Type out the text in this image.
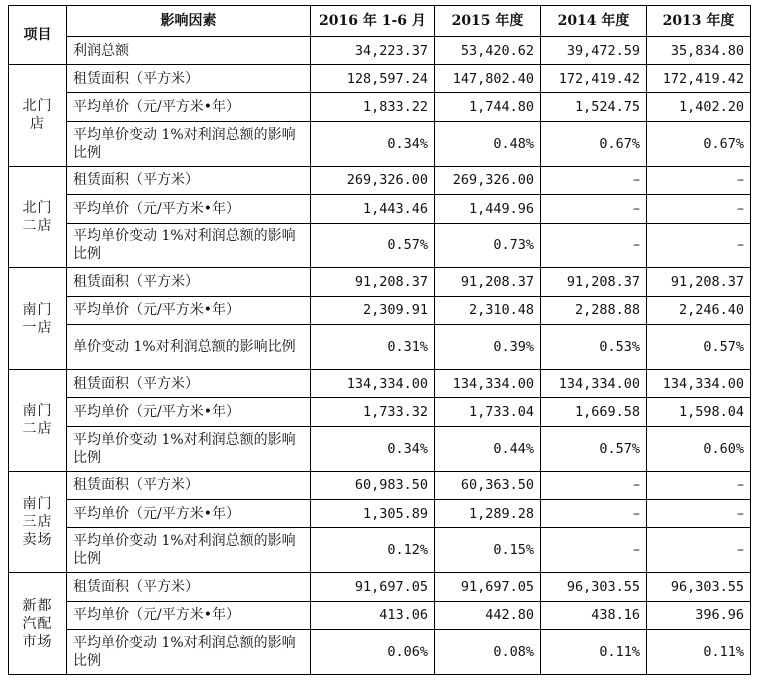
项目	影响因素	2016 年 1-6 月	2015 年度	2014 年度	2013 年度
	利润总额	34,223.37	53,420.62	39,472.59	35,834.80
北门
店	租赁面积（平方米）	128,597.24	147,802.40	172,419.42	172,419.42
	平均单价（元/平方米•年）	1,833.22	1,744.80	1,524.75	1,402.20
	平均单价变动 1%对利润总额的影响比例	0.34%	0.48%	0.67%	0.67%
北门
二店	租赁面积（平方米）	269,326.00	269,326.00	–	–
	平均单价（元/平方米•年）	1,443.46	1,449.96	–	–
	平均单价变动 1%对利润总额的影响比例	0.57%	0.73%	–	–
南门
一店	租赁面积（平方米）	91,208.37	91,208.37	91,208.37	91,208.37
	平均单价（元/平方米•年）	2,309.91	2,310.48	2,288.88	2,246.40
	单价变动 1%对利润总额的影响比例	0.31%	0.39%	0.53%	0.57%
南门
二店	租赁面积（平方米）	134,334.00	134,334.00	134,334.00	134,334.00
	平均单价（元/平方米•年）	1,733.32	1,733.04	1,669.58	1,598.04
	平均单价变动 1%对利润总额的影响比例	0.34%	0.44%	0.57%	0.60%
南门
三店
卖场	租赁面积（平方米）	60,983.50	60,363.50	–	–
	平均单价（元/平方米•年）	1,305.89	1,289.28	–	–
	平均单价变动 1%对利润总额的影响比例	0.12%	0.15%	–	–
新都
汽配
市场	租赁面积（平方米）	91,697.05	91,697.05	96,303.55	96,303.55
	平均单价（元/平方米•年）	413.06	442.80	438.16	396.96
	平均单价变动 1%对利润总额的影响比例	0.06%	0.08%	0.11%	0.11%
